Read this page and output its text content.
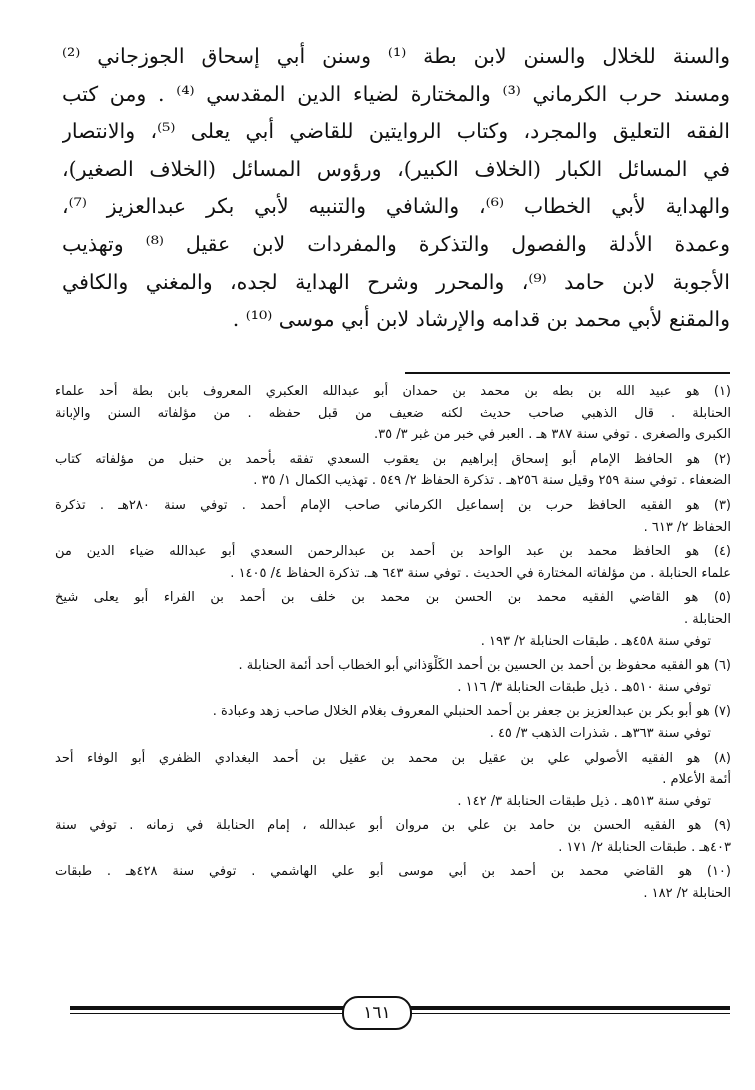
والسنة للخلال والسنن لابن بطة ⁽¹⁾ وسنن أبي إسحاق الجوزجاني ⁽²⁾
ومسند حرب الكرماني ⁽³⁾ والمختارة لضياء الدين المقدسي ⁽⁴⁾ . ومن كتب
الفقه التعليق والمجرد، وكتاب الروايتين للقاضي أبي يعلى ⁽⁵⁾، والانتصار
في المسائل الكبار (الخلاف الكبير)، ورؤوس المسائل (الخلاف الصغير)،
والهداية لأبي الخطاب ⁽⁶⁾، والشافي والتنبيه لأبي بكر عبدالعزيز ⁽⁷⁾،
وعمدة الأدلة والفصول والتذكرة والمفردات لابن عقيل ⁽⁸⁾ وتهذيب
الأجوبة لابن حامد ⁽⁹⁾، والمحرر وشرح الهداية لجده، والمغني والكافي
والمقنع لأبي محمد بن قدامه والإرشاد لابن أبي موسى ⁽¹⁰⁾ .
(١) هو عبيد الله بن بطه بن محمد بن حمدان أبو عبدالله العكبري المعروف بابن بطة أحد علماء
الحنابلة . قال الذهبي صاحب حديث لكنه ضعيف من قبل حفظه . من مؤلفاته السنن والإبانة
الكبرى والصغرى . توفي سنة ٣٨٧ هـ . العبر في خبر من غبر ٣/ ٣٥.
(٢) هو الحافظ الإمام أبو إسحاق إبراهيم بن يعقوب السعدي تفقه بأحمد بن حنبل من مؤلفاته كتاب
الضعفاء . توفي سنة ٢٥٩ وقيل سنة ٢٥٦هـ . تذكرة الحفاظ ٢/ ٥٤٩ . تهذيب الكمال ١/ ٣٥ .
(٣) هو الفقيه الحافظ حرب بن إسماعيل الكرماني صاحب الإمام أحمد . توفي سنة ٢٨٠هـ . تذكرة
الحفاظ ٢/ ٦١٣ .
(٤) هو الحافظ محمد بن عبد الواحد بن أحمد بن عبدالرحمن السعدي أبو عبدالله ضياء الدين من
علماء الحنابلة . من مؤلفاته المختارة في الحديث . توفي سنة ٦٤٣ هـ. تذكرة الحفاظ ٤/ ١٤٠٥ .
(٥) هو القاضي الفقيه محمد بن الحسن بن محمد بن خلف بن أحمد بن الفراء أبو يعلى شيخ
الحنابلة .
توفي سنة ٤٥٨هـ . طبقات الحنابلة ٢/ ١٩٣ .
(٦) هو الفقيه محفوظ بن أحمد بن الحسين بن أحمد الكَلْوَذاني أبو الخطاب أحد أئمة الحنابلة .
توفي سنة ٥١٠هـ . ذيل طبقات الحنابلة ٣/ ١١٦ .
(٧) هو أبو بكر بن عبدالعزيز بن جعفر بن أحمد الحنبلي المعروف بغلام الخلال صاحب زهد وعبادة .
توفي سنة ٣٦٣هـ . شذرات الذهب ٣/ ٤٥ .
(٨) هو الفقيه الأصولي علي بن عقيل بن محمد بن عقيل بن أحمد البغدادي الظفري أبو الوفاء أحد
أئمة الأعلام .
توفي سنة ٥١٣هـ . ذيل طبقات الحنابلة ٣/ ١٤٢ .
(٩) هو الفقيه الحسن بن حامد بن علي بن مروان أبو عبدالله ، إمام الحنابلة في زمانه . توفي سنة
٤٠٣هـ . طبقات الحنابلة ٢/ ١٧١ .
(١٠) هو القاضي محمد بن أحمد بن أبي موسى أبو علي الهاشمي . توفي سنة ٤٢٨هـ . طبقات
الحنابلة ٢/ ١٨٢ .
١٦١
